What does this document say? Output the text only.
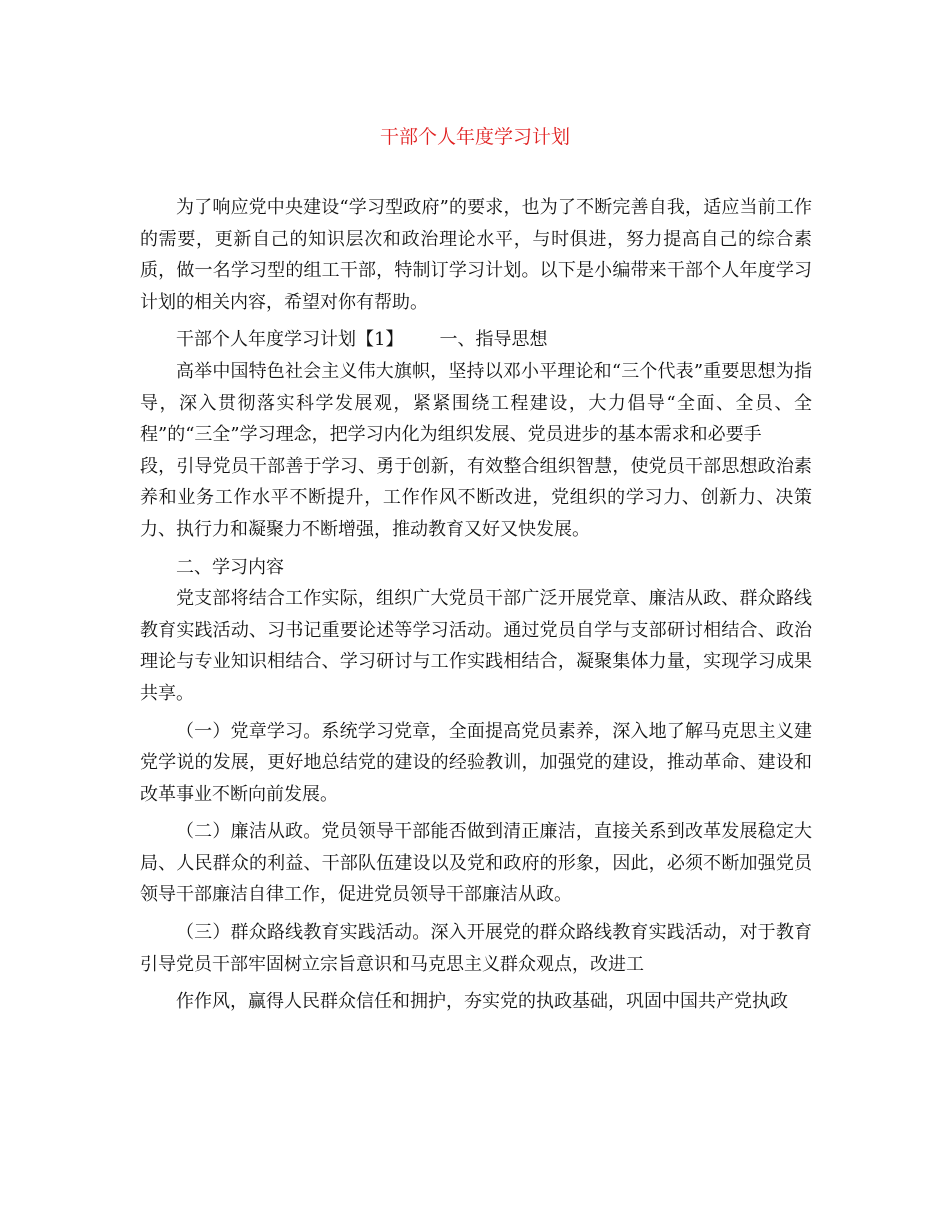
干部个人年度学习计划

为了响应党中央建设“学习型政府”的要求，也为了不断完善自我，适应当前工作的需要，更新自己的知识层次和政治理论水平，与时俱进，努力提高自己的综合素质，做一名学习型的组工干部，特制订学习计划。以下是小编带来干部个人年度学习计划的相关内容，希望对你有帮助。

干部个人年度学习计划【1】 一、指导思想

高举中国特色社会主义伟大旗帜，坚持以邓小平理论和“三个代表”重要思想为指导，深入贯彻落实科学发展观，紧紧围绕工程建设，大力倡导“全面、全员、全程”的“三全”学习理念，把学习内化为组织发展、党员进步的基本需求和必要手

段，引导党员干部善于学习、勇于创新，有效整合组织智慧，使党员干部思想政治素养和业务工作水平不断提升，工作作风不断改进，党组织的学习力、创新力、决策力、执行力和凝聚力不断增强，推动教育又好又快发展。

二、学习内容

党支部将结合工作实际，组织广大党员干部广泛开展党章、廉洁从政、群众路线教育实践活动、习书记重要论述等学习活动。通过党员自学与支部研讨相结合、政治理论与专业知识相结合、学习研讨与工作实践相结合，凝聚集体力量，实现学习成果共享。

（一）党章学习。系统学习党章，全面提高党员素养，深入地了解马克思主义建党学说的发展，更好地总结党的建设的经验教训，加强党的建设，推动革命、建设和改革事业不断向前发展。

（二）廉洁从政。党员领导干部能否做到清正廉洁，直接关系到改革发展稳定大局、人民群众的利益、干部队伍建设以及党和政府的形象，因此，必须不断加强党员领导干部廉洁自律工作，促进党员领导干部廉洁从政。

（三）群众路线教育实践活动。深入开展党的群众路线教育实践活动，对于教育引导党员干部牢固树立宗旨意识和马克思主义群众观点，改进工

作作风，赢得人民群众信任和拥护，夯实党的执政基础，巩固中国共产党执政
